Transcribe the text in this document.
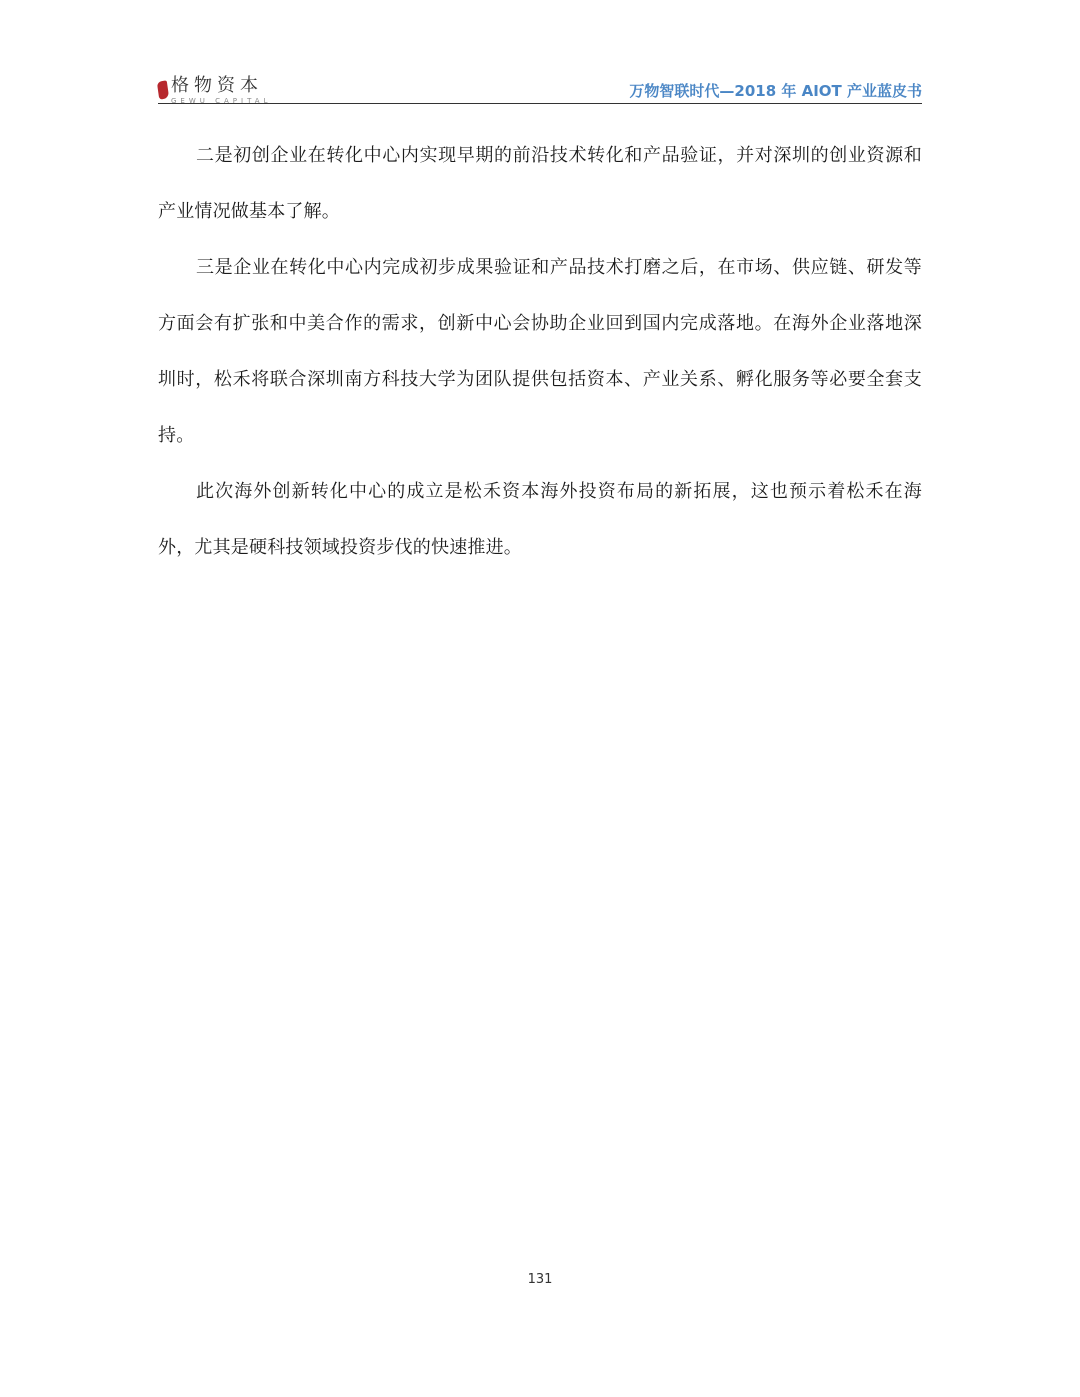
格物资本
GEWU CAPITAL
万物智联时代—2018 年 AIOT 产业蓝皮书

二是初创企业在转化中心内实现早期的前沿技术转化和产品验证，并对深圳的创业资源和产业情况做基本了解。

三是企业在转化中心内完成初步成果验证和产品技术打磨之后，在市场、供应链、研发等方面会有扩张和中美合作的需求，创新中心会协助企业回到国内完成落地。在海外企业落地深圳时，松禾将联合深圳南方科技大学为团队提供包括资本、产业关系、孵化服务等必要全套支持。

此次海外创新转化中心的成立是松禾资本海外投资布局的新拓展，这也预示着松禾在海外，尤其是硬科技领域投资步伐的快速推进。

131
